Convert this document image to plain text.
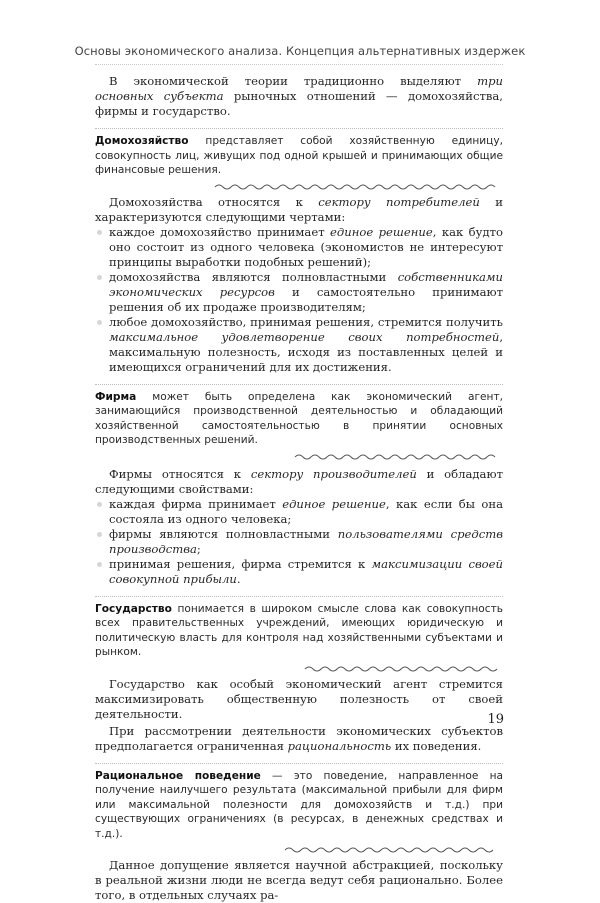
Основы экономического анализа. Концепция альтернативных издержек

В экономической теории традиционно выделяют три основных субъекта рыночных отношений — домохозяйства, фирмы и государство.

Домохозяйство представляет собой хозяйственную единицу, совокупность лиц, живущих под одной крышей и принимающих общие финансовые решения.

Домохозяйства относятся к сектору потребителей и характеризуются следующими чертами:

каждое домохозяйство принимает единое решение, как будто оно состоит из одного человека (экономистов не интересуют принципы выработки подобных решений);
домохозяйства являются полновластными собственниками экономических ресурсов и самостоятельно принимают решения об их продаже производителям;
любое домохозяйство, принимая решения, стремится получить максимальное удовлетворение своих потребностей, максимальную полезность, исходя из поставленных целей и имеющихся ограничений для их достижения.
Фирма может быть определена как экономический агент, занимающийся производственной деятельностью и обладающий хозяйственной самостоятельностью в принятии основных производственных решений.

Фирмы относятся к сектору производителей и обладают следующими свойствами:

каждая фирма принимает единое решение, как если бы она состояла из одного человека;
фирмы являются полновластными пользователями средств производства;
принимая решения, фирма стремится к максимизации своей совокупной прибыли.
Государство понимается в широком смысле слова как совокупность всех правительственных учреждений, имеющих юридическую и политическую власть для контроля над хозяйственными субъектами и рынком.

Государство как особый экономический агент стремится максимизировать общественную полезность от своей деятельности.

При рассмотрении деятельности экономических субъектов предполагается ограниченная рациональность их поведения.

Рациональное поведение — это поведение, направленное на получение наилучшего результата (максимальной прибыли для фирм или максимальной полезности для домохозяйств и т.д.) при существующих ограничениях (в ресурсах, в денежных средствах и т.д.).

Данное допущение является научной абстракцией, поскольку в реальной жизни люди не всегда ведут себя рационально. Более того, в отдельных случаях ра-

19
